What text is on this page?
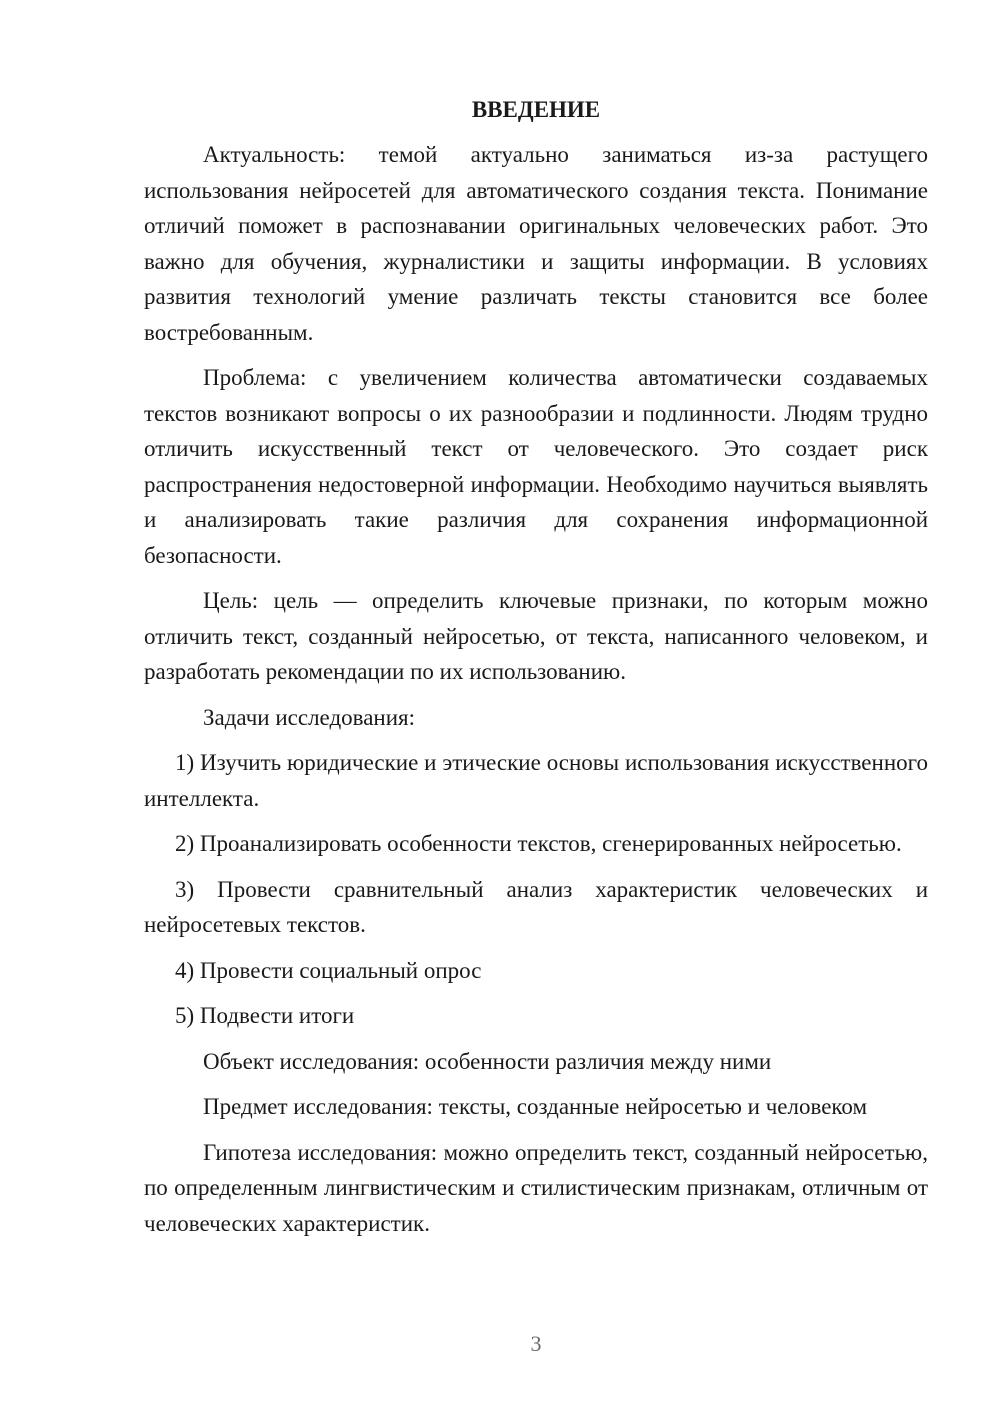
ВВЕДЕНИЕ

Актуальность: темой актуально заниматься из-за растущего использования нейросетей для автоматического создания текста. Понимание отличий поможет в распознавании оригинальных человеческих работ. Это важно для обучения, журналистики и защиты информации. В условиях развития технологий умение различать тексты становится все более востребованным.

Проблема: с увеличением количества автоматически создаваемых текстов возникают вопросы о их разнообразии и подлинности. Людям трудно отличить искусственный текст от человеческого. Это создает риск распространения недостоверной информации. Необходимо научиться выявлять и анализировать такие различия для сохранения информационной безопасности.

Цель: цель — определить ключевые признаки, по которым можно отличить текст, созданный нейросетью, от текста, написанного человеком, и разработать рекомендации по их использованию.

Задачи исследования:

1) Изучить юридические и этические основы использования искусственного интеллекта.

2) Проанализировать особенности текстов, сгенерированных нейросетью.

3) Провести сравнительный анализ характеристик человеческих и нейросетевых текстов.

4) Провести социальный опрос

5) Подвести итоги

Объект исследования: особенности различия между ними

Предмет исследования: тексты, созданные нейросетью и человеком

Гипотеза исследования: можно определить текст, созданный нейросетью, по определенным лингвистическим и стилистическим признакам, отличным от человеческих характеристик.

3
